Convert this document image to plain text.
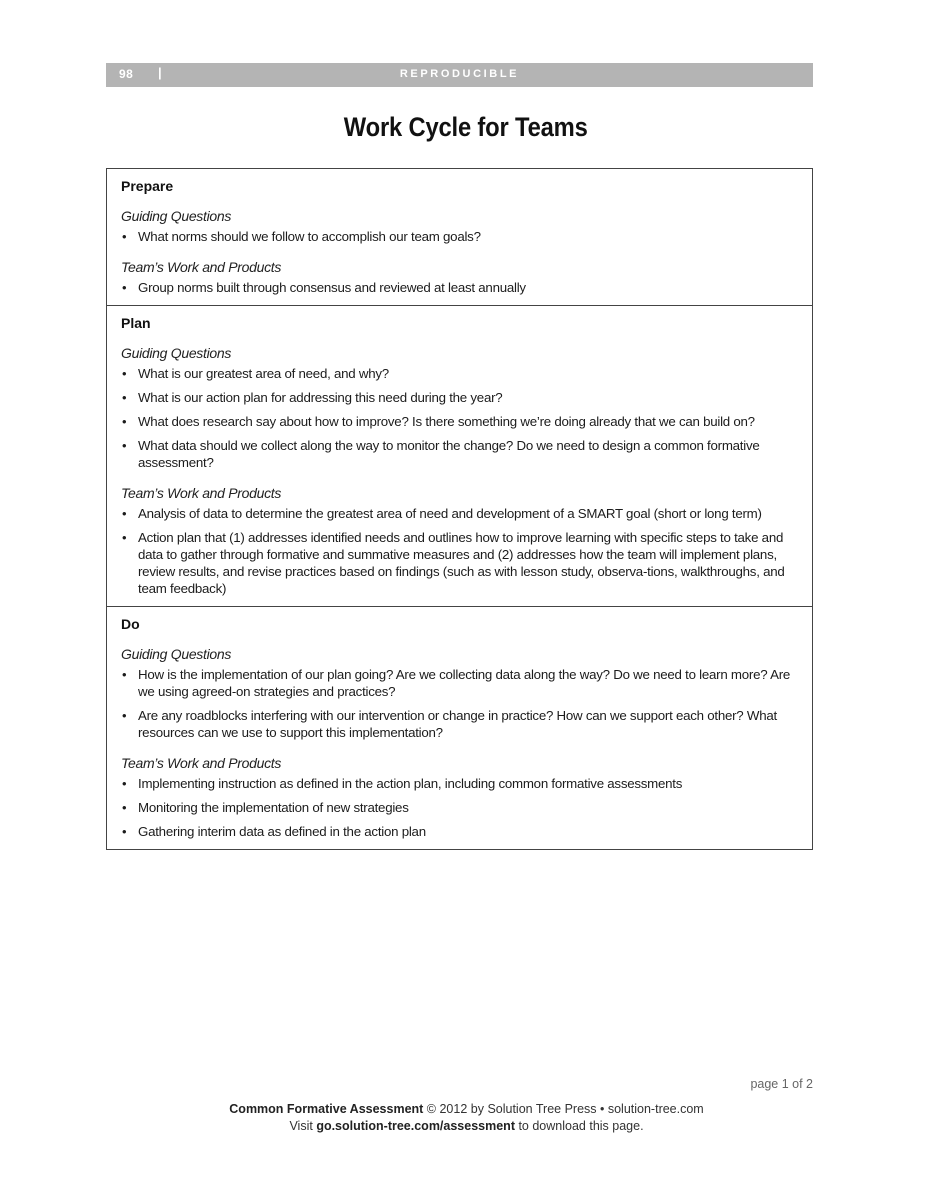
98 |	REPRODUCIBLE
Work Cycle for Teams
Prepare
Guiding Questions
• What norms should we follow to accomplish our team goals?
Team’s Work and Products
• Group norms built through consensus and reviewed at least annually
Plan
Guiding Questions
• What is our greatest area of need, and why?
• What is our action plan for addressing this need during the year?
• What does research say about how to improve? Is there something we’re doing already that we can build on?
• What data should we collect along the way to monitor the change? Do we need to design a common formative assessment?
Team’s Work and Products
• Analysis of data to determine the greatest area of need and development of a SMART goal (short or long term)
• Action plan that (1) addresses identified needs and outlines how to improve learning with specific steps to take and data to gather through formative and summative measures and (2) addresses how the team will implement plans, review results, and revise practices based on findings (such as with lesson study, observa-tions, walkthroughs, and team feedback)
Do
Guiding Questions
• How is the implementation of our plan going? Are we collecting data along the way? Do we need to learn more? Are we using agreed-on strategies and practices?
• Are any roadblocks interfering with our intervention or change in practice? How can we support each other? What resources can we use to support this implementation?
Team’s Work and Products
• Implementing instruction as defined in the action plan, including common formative assessments
• Monitoring the implementation of new strategies
• Gathering interim data as defined in the action plan
page 1 of 2
Common Formative Assessment © 2012 by Solution Tree Press • solution-tree.com
Visit go.solution-tree.com/assessment to download this page.
